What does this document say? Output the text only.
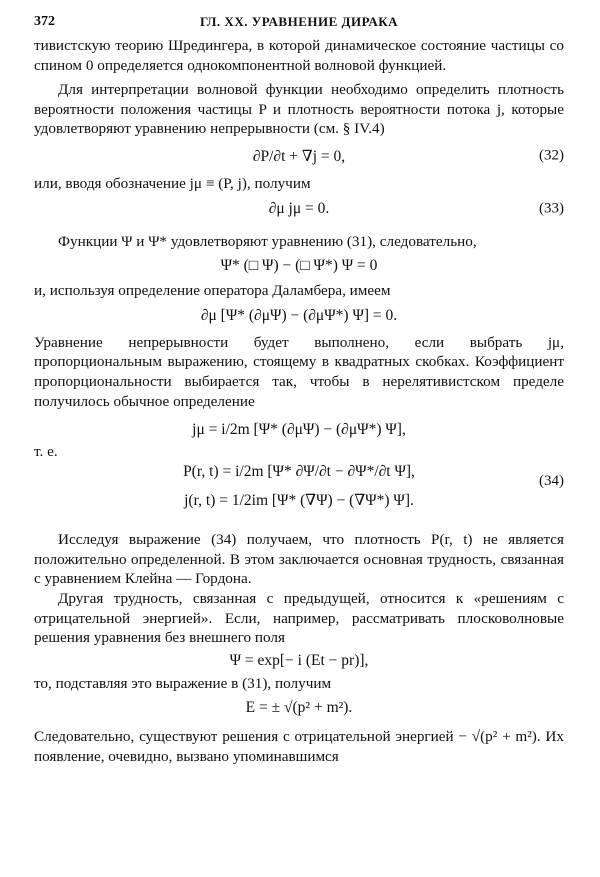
372	ГЛ. XX. УРАВНЕНИЕ ДИРАКА

тивистскую теорию Шредингера, в которой динамическое состояние частицы со спином 0 определяется однокомпонентной волновой функцией.

Для интерпретации волновой функции необходимо определить плотность вероятности положения частицы P и плотность вероятности потока j, которые удовлетворяют уравнению непрерывности (см. § IV.4)

∂P/∂t + ∇j = 0,	(32)

или, вводя обозначение jμ ≡ (P, j), получим

∂μ jμ = 0.	(33)

Функции Ψ и Ψ* удовлетворяют уравнению (31), следовательно,

Ψ* (□ Ψ) − (□ Ψ*) Ψ = 0

и, используя определение оператора Даламбера, имеем

∂μ [Ψ* (∂μΨ) − (∂μΨ*) Ψ] = 0.

Уравнение непрерывности будет выполнено, если выбрать jμ, пропорциональным выражению, стоящему в квадратных скобках. Коэффициент пропорциональности выбирается так, чтобы в нерелятивистском пределе получилось обычное определение

jμ = i/2m [Ψ* (∂μΨ) − (∂μΨ*) Ψ],
т. е.
P(r, t) = i/2m [Ψ* ∂Ψ/∂t − ∂Ψ*/∂t Ψ],
j(r, t) = 1/2im [Ψ* (∇Ψ) − (∇Ψ*) Ψ].
(34)

Исследуя выражение (34) получаем, что плотность P(r, t) не является положительно определенной. В этом заключается основная трудность, связанная с уравнением Клейна — Гордона.

Другая трудность, связанная с предыдущей, относится к «решениям с отрицательной энергией». Если, например, рассматривать плосковолновые решения уравнения без внешнего поля

Ψ = exp[− i (Et − pr)],

то, подставляя это выражение в (31), получим

E = ± √(p² + m²).

Следовательно, существуют решения с отрицательной энергией − √(p² + m²). Их появление, очевидно, вызвано упоминавшимся
